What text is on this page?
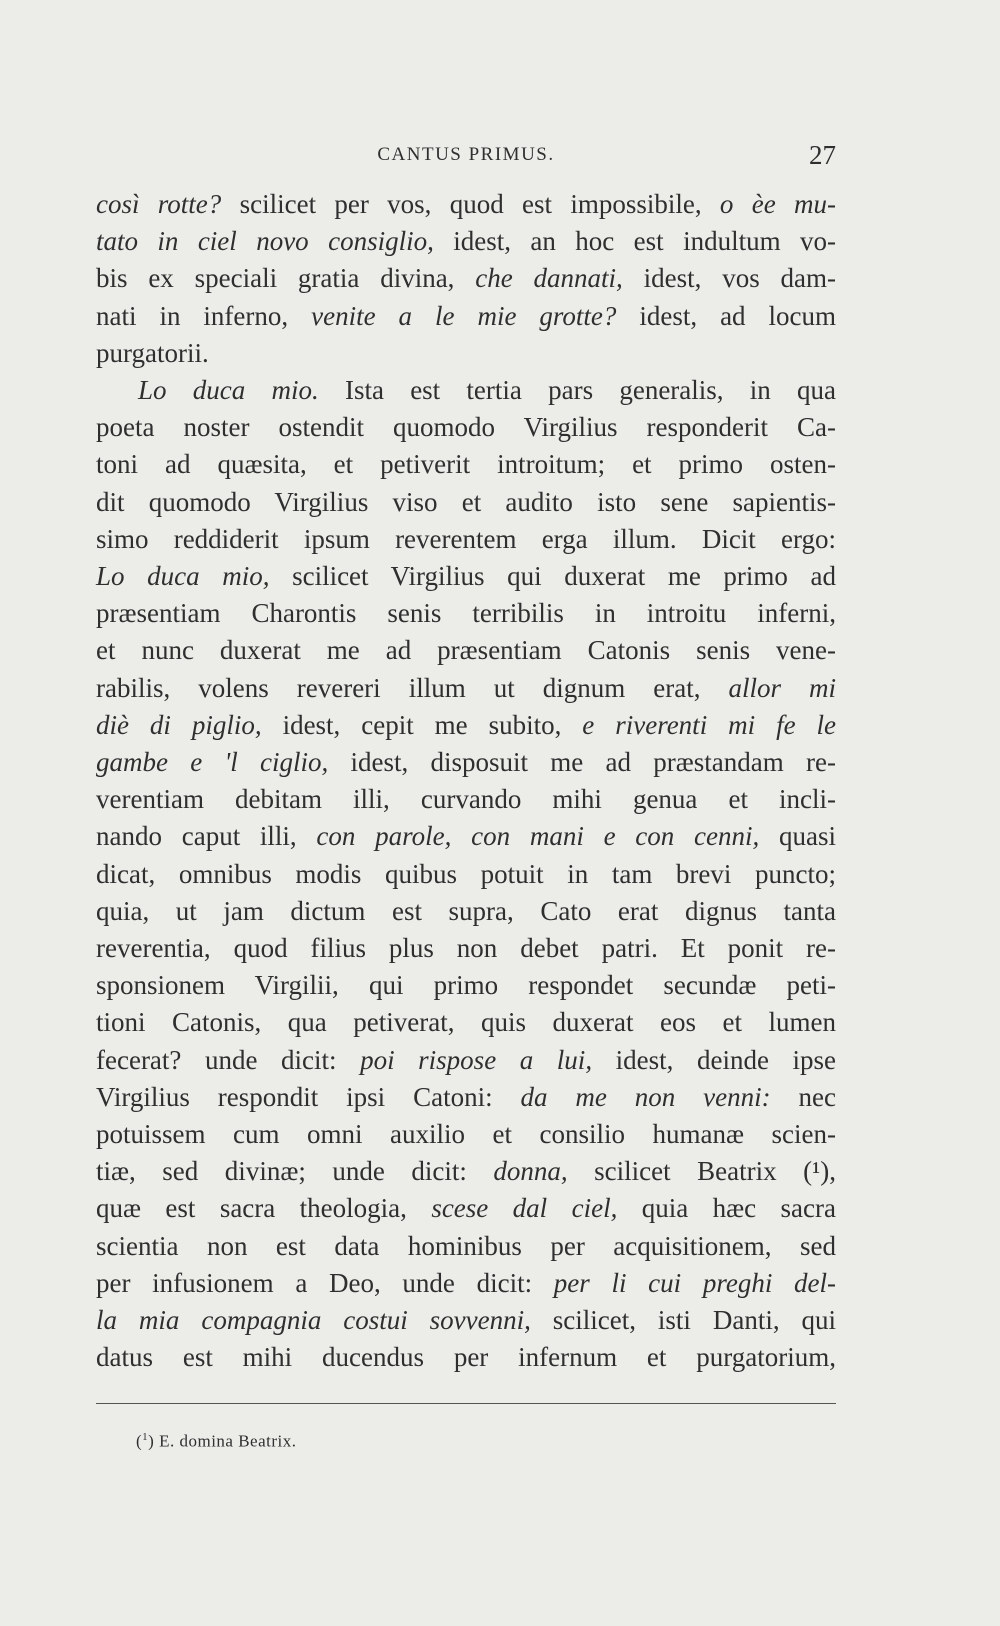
CANTUS PRIMUS.	27
così rotte? scilicet per vos, quod est impossibile, o èe mu-
tato in ciel novo consiglio, idest, an hoc est indultum vo-
bis ex speciali gratia divina, che dannati, idest, vos dam-
nati in inferno, venite a le mie grotte? idest, ad locum
purgatorii.
Lo duca mio. Ista est tertia pars generalis, in qua
poeta noster ostendit quomodo Virgilius responderit Ca-
toni ad quæsita, et petiverit introitum; et primo osten-
dit quomodo Virgilius viso et audito isto sene sapientis-
simo reddiderit ipsum reverentem erga illum. Dicit ergo:
Lo duca mio, scilicet Virgilius qui duxerat me primo ad
præsentiam Charontis senis terribilis in introitu inferni,
et nunc duxerat me ad præsentiam Catonis senis vene-
rabilis, volens revereri illum ut dignum erat, allor mi
diè di piglio, idest, cepit me subito, e riverenti mi fe le
gambe e 'l ciglio, idest, disposuit me ad præstandam re-
verentiam debitam illi, curvando mihi genua et incli-
nando caput illi, con parole, con mani e con cenni, quasi
dicat, omnibus modis quibus potuit in tam brevi puncto;
quia, ut jam dictum est supra, Cato erat dignus tanta
reverentia, quod filius plus non debet patri. Et ponit re-
sponsionem Virgilii, qui primo respondet secundæ peti-
tioni Catonis, qua petiverat, quis duxerat eos et lumen
fecerat? unde dicit: poi rispose a lui, idest, deinde ipse
Virgilius respondit ipsi Catoni: da me non venni: nec
potuissem cum omni auxilio et consilio humanæ scien-
tiæ, sed divinæ; unde dicit: donna, scilicet Beatrix (¹),
quæ est sacra theologia, scese dal ciel, quia hæc sacra
scientia non est data hominibus per acquisitionem, sed
per infusionem a Deo, unde dicit: per li cui preghi del-
la mia compagnia costui sovvenni, scilicet, isti Danti, qui
datus est mihi ducendus per infernum et purgatorium,
($^1$) E. domina Beatrix.
